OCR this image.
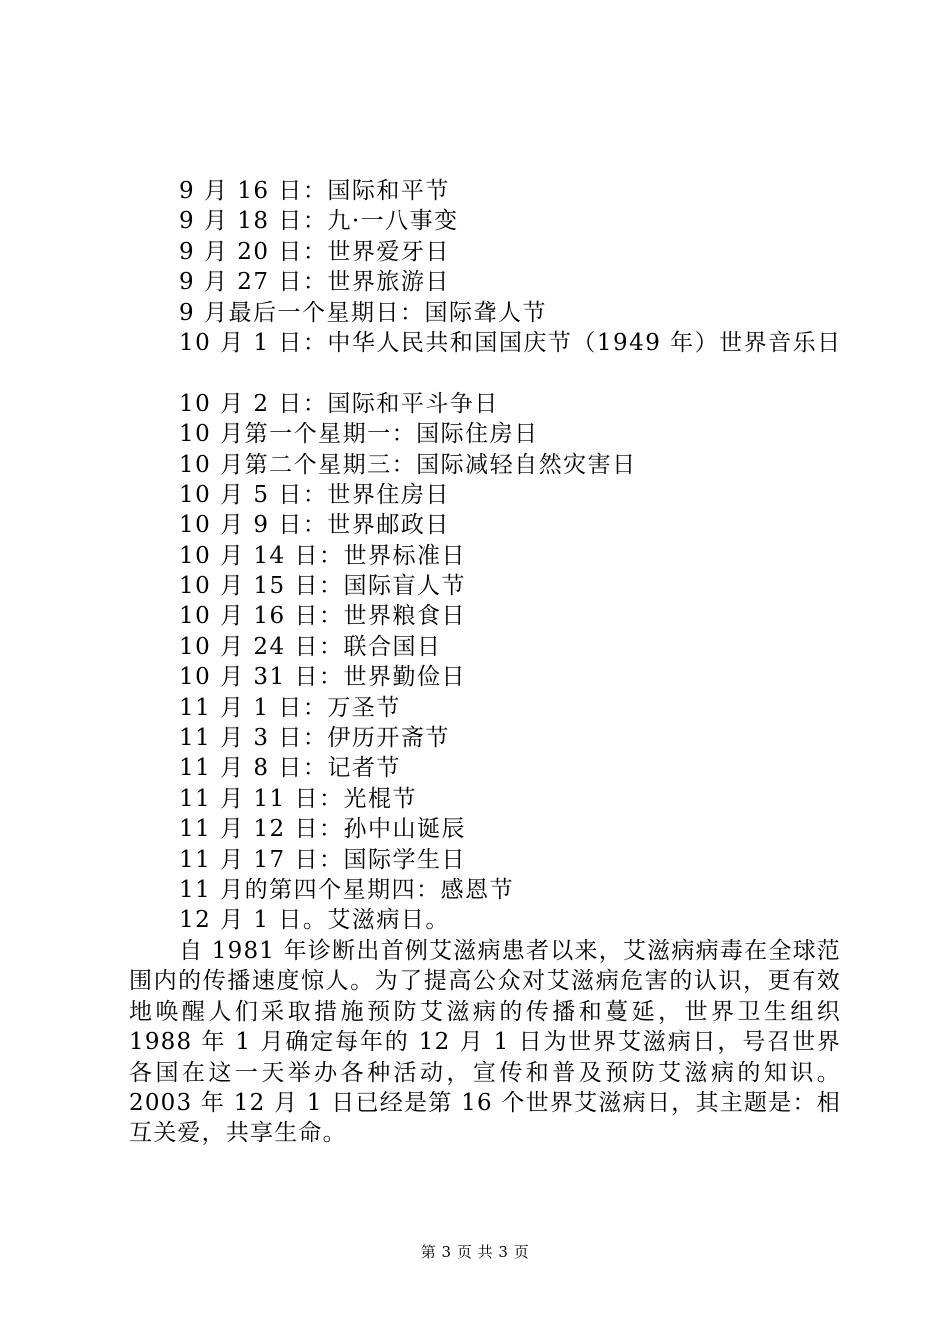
9 月 16 日：国际和平节
9 月 18 日：九·一八事变
9 月 20 日：世界爱牙日
9 月 27 日：世界旅游日
9 月最后一个星期日：国际聋人节
10 月 1 日：中华人民共和国国庆节（1949 年）世界音乐日
10 月 2 日：国际和平斗争日
10 月第一个星期一：国际住房日
10 月第二个星期三：国际减轻自然灾害日
10 月 5 日：世界住房日
10 月 9 日：世界邮政日
10 月 14 日：世界标准日
10 月 15 日：国际盲人节
10 月 16 日：世界粮食日
10 月 24 日：联合国日
10 月 31 日：世界勤俭日
11 月 1 日：万圣节
11 月 3 日：伊历开斋节
11 月 8 日：记者节
11 月 11 日：光棍节
11 月 12 日：孙中山诞辰
11 月 17 日：国际学生日
11 月的第四个星期四：感恩节
12 月 1 日。艾滋病日。

自 1981 年诊断出首例艾滋病患者以来，艾滋病病毒在全球范围内的传播速度惊人。为了提高公众对艾滋病危害的认识，更有效地唤醒人们采取措施预防艾滋病的传播和蔓延，世界卫生组织 1988 年 1 月确定每年的 12 月 1 日为世界艾滋病日，号召世界各国在这一天举办各种活动，宣传和普及预防艾滋病的知识。2003 年 12 月 1 日已经是第 16 个世界艾滋病日，其主题是：相互关爱，共享生命。

第 3 页 共 3 页
